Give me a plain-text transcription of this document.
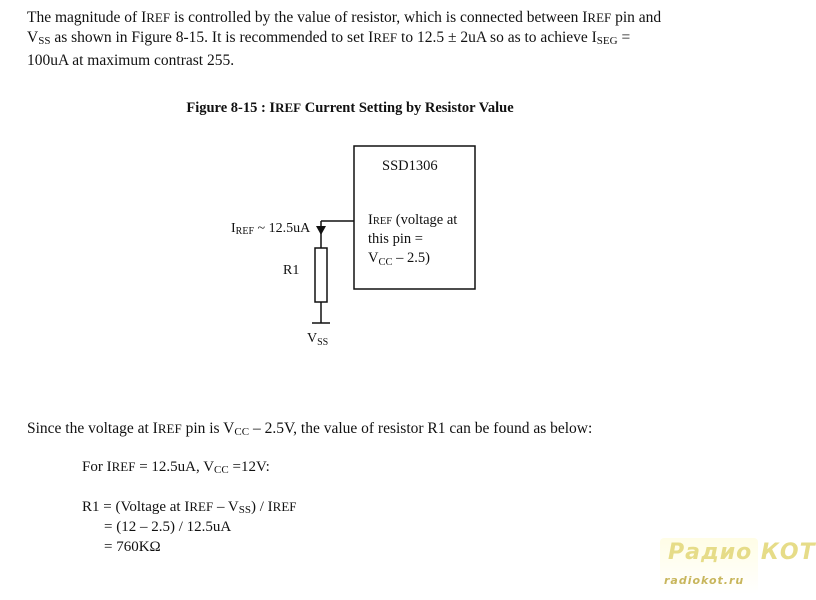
The magnitude of IREF is controlled by the value of resistor, which is connected between IREF pin and
VSS as shown in Figure 8-15. It is recommended to set IREF to 12.5 ± 2uA so as to achieve ISEG =
100uA at maximum contrast 255.
Figure 8-15 : IREF Current Setting by Resistor Value
SSD1306
IREF (voltage at
this pin =
$V_{CC} - 2.5$)
IREF ~ 12.5uA
R1
$V_{SS}$
Since the voltage at IREF pin is VCC – 2.5V, the value of resistor R1 can be found as below:
For IREF = 12.5uA, VCC =12V:
R1 = (Voltage at IREF – VSS) / IREF
= (12 – 2.5) / 12.5uA
= 760KΩ	Радио КОТ
radiokot.ru
